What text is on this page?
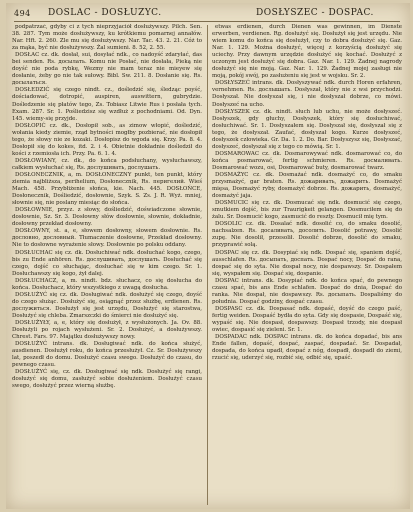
494 DOSLAC - DOSŁUZYC.	DOSŁYSZEC - DOSPAC.

podpatrzać, gdyby ci z tych nieprzyjaciół dosłużywszy. Pilch. Sen. 38. 287. Tym może dosłużywszy, ku krótkiemu pomarnej annałów. Nar. Hft. 2. 260. Zle mu się dosłużywszy. Nar. Tac. 43. 2. 21. Cóż to za mąka, być nie dosłużywszy. Żal sumieni. 8. 52, 2. 55.

DOSŁAC cz. dk. dosłał, sui, dosyłać ndk., co nadoyść zdaryłać, das bei senden. Rs. досылать. Komu nie Posłać, nie dosłała, Pieką nie doyść nie poda rybkę, Wezmy nie mam teraz nie mieyew się dosłanie, żeby go nie tak sułowy. Bibl. Sw. 211. 8. Dosłanie się. Rs. досылаться.

DOSŁEDZIĆ się czego nindt. cz., dośledzić się, śledząc poyść, dościadować, dotropić, auspiren, auswittern, gubrydzie. Dośledzenie się płatów tego, Zs. Tobiasz Litwie Rus i posłała tych. Exam. 287. Sr. 1. Pośliedzisz się wzdłuż z pochodniami. Od. Dyn. 145. wiemy-się przyjde.

DOSŁOPIĆ cz. dk., Dosłopił sob., as zimow włopić, dośledzić, wołania kiedy ziemie, rząd bytności mogłby pozbierać, nie dosłopił tego, że słowy nie ze kozaki. Dosłopisz do wgoda się. Krzy. Pa. 8. 4. Dosłopił się do kokes, itd. 2. i 4. Obietnie dokładnie dośledził do kości z rzemiosła ich. Przy. Pa. 6. 1. 4.

DOSŁOWIANY, cz. dk., do końca podsłuchany, wysłuchawszy, całkiem wysłuchać się, Rs. дослушивать, дослушать.

DOSŁONECZNIK, a, m. DOSŁONECZNY punkt, ten punkt, który ziemia najbliższa, perihelium, Dosłonecznik, Rs. перигелий. Wieś Mach. 458. Przybłiżenie słońca, kie. Nach. 445. DOSŁOŃCE, Dosłonecznik, Dośliedzić, dosłownie, Szyk. S. Zs. J. R. Wyż. mniej, słownie się, nie poslany miesiąc do słońca.

DOSŁOWNIE, przyz. z słowy, dośliedzić, doświadczone słownie, dosłownie, Sz. Sr. 3. Dosłowny słów dosłownie, słownie, dokładnie, dosłowny przekład dosłowny.

DOSŁOWNY, st. a, e, słowem dosłowny, słowem dosłownie. Rs. дословно, дословный. Tłumaczenie dosłowne, Przekład dosłowny. Nie to dosłowne wyrażenie słowy. Dosłownie po polsku oddany.

DOSŁUCHAC się cz. dk. Dosłuchiwać ndk. dosłuchać kogo, czego, bis zu Ende anhören. Rs. дослушивать, дослушать. Dosłuchać się czego, dojść co słuchając, dosłuchać się w kim czego. Sr. 1. Dosłuchawszy się kogo, żył dalej.

DOSŁUCHACZ, a, m. nindt. bdz. słuchacz, co się dosłucha do końca. Dosłuchacz, który wszystkiego z uwagą dosłucha.

DOSŁUŻYĆ się cz. dk. Dosługiwać ndk. dosłużyć się czego, doyść do czego służąc. Dosłużyć się, osiągnąć przez służbę, erdienen. Rs. дослужиться. Dosłużył się jest urzędu, Dosłużyć się starostwa, Dosłużyć się chleba. Zmarszczki do śmierci nie dosłużyć się.

DOSŁUŻYŁY, a, e, który się dosłużył, z wysłużonych. Ja. Ov. 88. Dosłużyli po rojach wysłużeni. Sr. 2. Dosłużyć, a dosłużywszy. Chrest. Fars. 97. Majątku dosłużywszy nowy.

DOSŁUŻYĆ intrans. dk. Dosługiwać ndk. do końca służyć, ausdienen. Dosłużył roku, do końca przesłużył. Cz. Sr. Dosłużywszy lat, poszedł do domu. Dosłużyć czasu swego. Dosłużyć do czasu, do pewnego czasu.

DOSŁUŻYĆ się, cz. dk. Dosługiwać się ndk. Dosłużyć się rangi, dosłużyć się domu, zasłużyć sobie dosłużeniem. Dosłużyć czasu swego, dosłużyć przez wierną służbę.

etwas erdienen, durch Dienen was gewinnen, im Dienste erwerben, verdienen. Rg. dosłużyć się. Dosłużył się jest urzędu. Nie wiem komu do końca się dosłużył, czy to dobra dosłużyć się. Gaz. Nar. 1. 129. Można dosłużyć, więcej z korzyścią dosłużyć się uciechy. Przy dawnym urzędzie dosłużyć się kochać. Dosłużyć z uczonym jest dosłużyć się dobra. Gaz. Nar. 1. 129. Żadnej nagrody dosłużyć się nie moją. Gaz. Nar. 1. 129. Żadnej mojej zasługi nie moją, pokój swój, po zasłużeniu się jest w wojsku. Sr. 2.

DOSŁYSZEĆ intrans. dk. Dosłyszywać ndk. durch Horen erfahren, vernehmen. Rs. дослышать. Dosłyszał, który nie z wsi przychodzi. Dosłyszał. Nie dosłyszał się, i nie dosłyszał dobrze, co mówi. Dosłyszeć na ucho.

DOSŁYSZEK cz. dk. nindt. słuch lub uchu, nie może dosłyszeć. Dosłyszek, gdy głuchy, Dosłyszek, który się dosłuchiwać, dosłuchiwać. Sr. 1. Dosłyszałem się. Dosłyszał się, dosłyszał się z tego, że dosłyszał. Zaufać, dosłyszał kogo. Kurze dosłyszeć, dosłyszek człowieka. Gr. Da. 1. 2. Do. Bar. Dosłyszysz się, Dosłyszać, dosłyszeć, dosłyszał się z tego co mówią. Sr. 1.

DOSMAROWAC cz. dk. Dosmarowywać ndk. dosmarować co, do końca posmarować, fertig schmieren. Rs. досмаливать. Dosmarować wozu, osi, Dosmarować buty, dosmarować twarz.

DOSMAŻYC cz. dk. Dosmażać ndk. dosmażyć co, do smaku przysmażyć, gar braten. Rs. дожаривать, дожарить. Dosmażyć mięsa, Dosmażyć ryby, dosmażyć dobrze. Rs. дожарить, dosmażyć, dosmażyć jaja.

DOSMUCIC się cz. dk. Dosmucać się ndk. dosmucić się czego, smutkiem dojść, bis zur Traurigkeit gelangen. Dosmuciłem się do żalu. Sr. Dosmucić kogo, zasmucić do reszty. Dosmucił mię tym.

DOSOLIC cz. dk. Dosalać ndk. dosolić co, do smaku dosolić, nachsalzen. Rs. досаливать, досолить. Dosolić potrawy, Dosolić zupę. Nie dosolił, przesolił. Dosolić dobrze, dosolić do smaku, przyprawić solą.

DOSPAC się cz. dk. Dosypiać się ndk. Dospać się, spaniem dojść, ausschlafen. Rs. досыпать, доспать. Dospać nocy, Dospać do rana, dospać się do syta. Nie dospał nocy, nie dospawszy. Sr. Dospałem się, wyspałem się. Dospać się, dospanie.

DOSPAC intrans. dk. Dosypiać ndk. do końca spać, do pewnego czasu spać, bis ans Ende schlafen. Dospać do dnia, Dospać do ranka. Nie dospał, nie dospawszy. Rs. досыпать. Dospaliśmy do południa. Dospać godziny, dospać czasu.

DOSPASC cz. dk. Dospasać ndk. dopaść, doyść do czego paść, fertig weiden. Dospaść bydła do syta. Gdy się dospasie, Dospaść się, wypaść się. Nie dospasł, dospawszy. Dospasł trzody, nie dospasł owiec, dospasić się zieleni. Sr. 1.

DOSPADAC ndk. DOSPAC intrans. dk. do końca dopadać, bis ans Ende fallen, dopaść, dospać, zaspać, dospadać. Sr. Dospadał, dospada, do końca upadł, dospać z nóg, dospadł, dospadł do ziemi, rzucić się, uderzyć się, rozbić się, odbić się, upaść.
